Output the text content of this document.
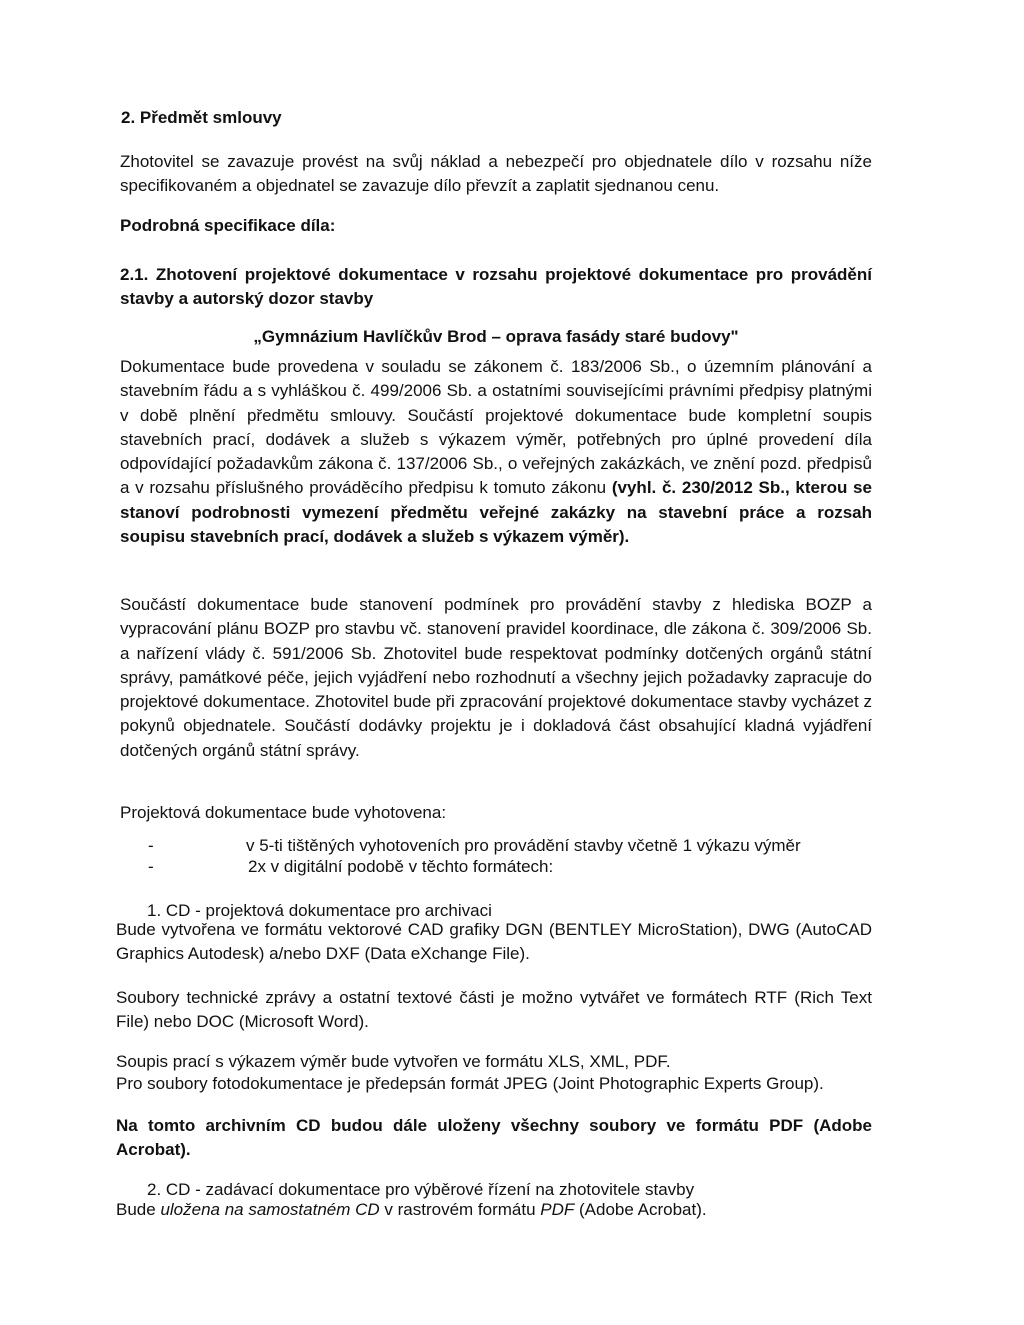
2. Předmět smlouvy

Zhotovitel se zavazuje provést na svůj náklad a nebezpečí pro objednatele dílo v rozsahu níže specifikovaném a objednatel se zavazuje dílo převzít a zaplatit sjednanou cenu.

Podrobná specifikace díla:

2.1. Zhotovení projektové dokumentace v rozsahu projektové dokumentace pro provádění stavby a autorský dozor stavby

„Gymnázium Havlíčkův Brod – oprava fasády staré budovy"

Dokumentace bude provedena v souladu se zákonem č. 183/2006 Sb., o územním plánování a stavebním řádu a s vyhláškou č. 499/2006 Sb. a ostatními souvisejícími právními předpisy platnými v době plnění předmětu smlouvy. Součástí projektové dokumentace bude kompletní soupis stavebních prací, dodávek a služeb s výkazem výměr, potřebných pro úplné provedení díla odpovídající požadavkům zákona č. 137/2006 Sb., o veřejných zakázkách, ve znění pozd. předpisů a v rozsahu příslušného prováděcího předpisu k tomuto zákonu (vyhl. č. 230/2012 Sb., kterou se stanoví podrobnosti vymezení předmětu veřejné zakázky na stavební práce a rozsah soupisu stavebních prací, dodávek a služeb s výkazem výměr).

Součástí dokumentace bude stanovení podmínek pro provádění stavby z hlediska BOZP a vypracování plánu BOZP pro stavbu vč. stanovení pravidel koordinace, dle zákona č. 309/2006 Sb. a nařízení vlády č. 591/2006 Sb. Zhotovitel bude respektovat podmínky dotčených orgánů státní správy, památkové péče, jejich vyjádření nebo rozhodnutí a všechny jejich požadavky zapracuje do projektové dokumentace. Zhotovitel bude při zpracování projektové dokumentace stavby vycházet z pokynů objednatele. Součástí dodávky projektu je i dokladová část obsahující kladná vyjádření dotčených orgánů státní správy.

Projektová dokumentace bude vyhotovena:

-	v 5-ti tištěných vyhotoveních pro provádění stavby včetně 1 výkazu výměr
-	2x v digitální podobě v těchto formátech:

1. CD - projektová dokumentace pro archivaci

Bude vytvořena ve formátu vektorové CAD grafiky DGN (BENTLEY MicroStation), DWG (AutoCAD Graphics Autodesk) a/nebo DXF (Data eXchange File).

Soubory technické zprávy a ostatní textové části je možno vytvářet ve formátech RTF (Rich Text File) nebo DOC (Microsoft Word).

Soupis prací s výkazem výměr bude vytvořen ve formátu XLS, XML, PDF.

Pro soubory fotodokumentace je předepsán formát JPEG (Joint Photographic Experts Group).

Na tomto archivním CD budou dále uloženy všechny soubory ve formátu PDF (Adobe Acrobat).

2. CD - zadávací dokumentace pro výběrové řízení na zhotovitele stavby

Bude uložena na samostatném CD v rastrovém formátu PDF (Adobe Acrobat).
